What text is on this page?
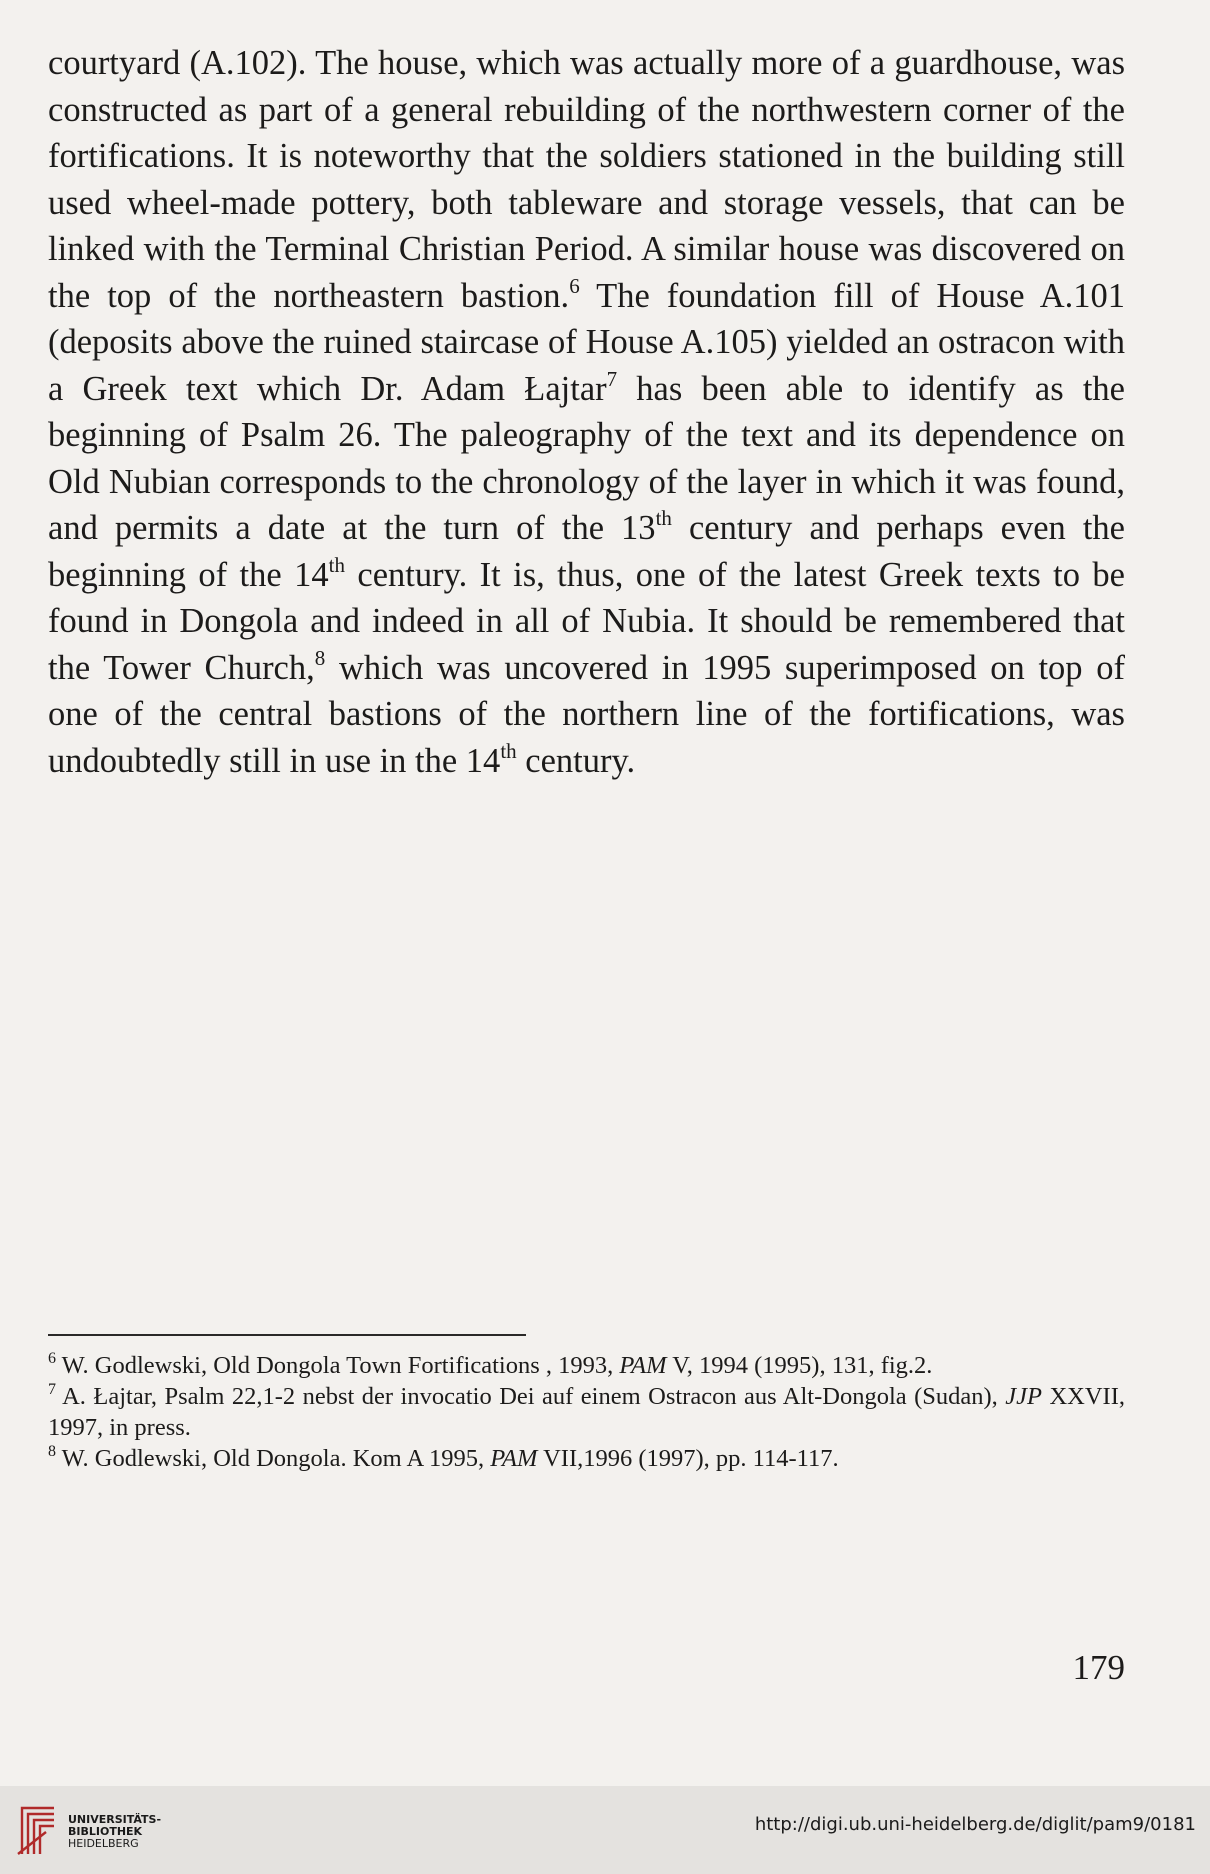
courtyard (A.102). The house, which was actually more of a guardhouse, was constructed as part of a general rebuilding of the northwestern corner of the fortifications. It is noteworthy that the soldiers stationed in the building still used wheel-made pottery, both tableware and storage vessels, that can be linked with the Terminal Christian Period. A similar house was discovered on the top of the northeastern bastion.$^6$ The foundation fill of House A.101 (deposits above the ruined staircase of House A.105) yielded an ostracon with a Greek text which Dr. Adam Łajtar$^7$ has been able to identify as the beginning of Psalm 26. The paleography of the text and its dependence on Old Nubian corresponds to the chronology of the layer in which it was found, and permits a date at the turn of the 13th century and perhaps even the beginning of the 14th century. It is, thus, one of the latest Greek texts to be found in Dongola and indeed in all of Nubia. It should be remembered that the Tower Church,$^8$ which was uncovered in 1995 superimposed on top of one of the central bastions of the northern line of the fortifications, was undoubtedly still in use in the 14th century.

$^6$ W. Godlewski, Old Dongola Town Fortifications , 1993, PAM V, 1994 (1995), 131, fig.2.

$^7$ A. Łajtar, Psalm 22,1-2 nebst der invocatio Dei auf einem Ostracon aus Alt-Dongola (Sudan), JJP XXVII, 1997, in press.

$^8$ W. Godlewski, Old Dongola. Kom A 1995, PAM VII,1996 (1997), pp. 114-117.

179
UNIVERSITÄTS-
BIBLIOTHEK
HEIDELBERG
http://digi.ub.uni-heidelberg.de/diglit/pam9/0181
